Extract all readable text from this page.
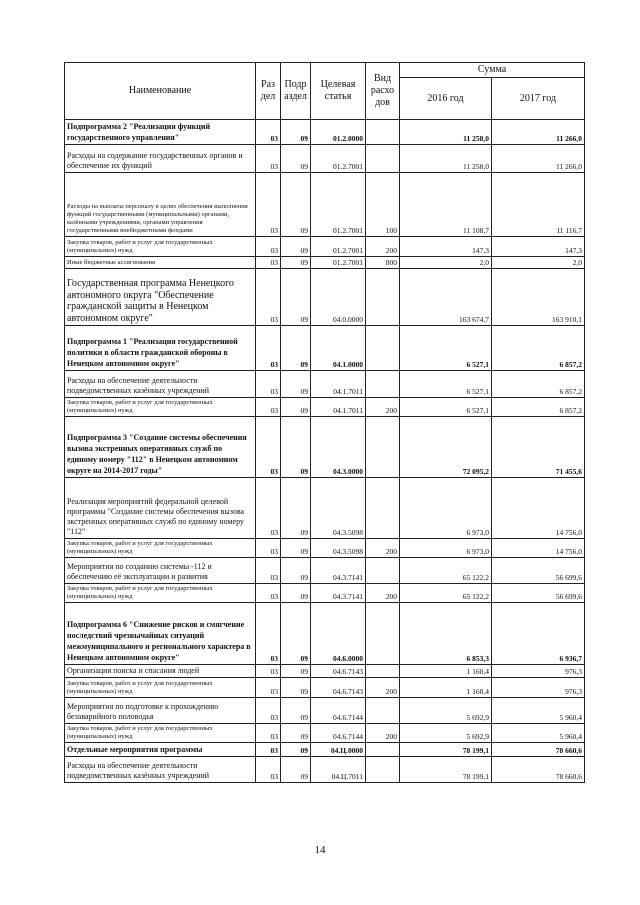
Наименование	Раз дел	Подр аздел	Целевая статья	Вид расхо дов	Сумма	
					2016 год	2017 год
Подпрограмма 2 "Реализация функций государственного управления"	03	09	01.2.0000		11 258,0	11 266,0
Расходы на содержание государственных органов и обеспечение их функций	03	09	01.2.7001		11 258,0	11 266,0
Расходы на выплаты персоналу в целях обеспечения выполнения функций государственными (муниципальными) органами, казёнными учреждениями, органами управления государственными внебюджетными фондами	03	09	01.2.7001	100	11 108,7	11 116,7
Закупка товаров, работ и услуг для государственных (муниципальных) нужд	03	09	01.2.7001	200	147,3	147,3
Иные бюджетные ассигнования	03	09	01.2.7001	800	2,0	2,0
Государственная программа Ненецкого автономного округа "Обеспечение гражданской защиты в Ненецком автономном округе"	03	09	04.0.0000		163 674,7	163 910,1
Подпрограмма 1 "Реализация государственной политики в области гражданской обороны в Ненецком автономном округе"	03	09	04.1.0000		6 527,1	6 857,2
Расходы на обеспечение деятельности подведомственных казённых учреждений	03	09	04.1.7011		6 527,1	6 857,2
Закупка товаров, работ и услуг для государственных (муниципальных) нужд	03	09	04.1.7011	200	6 527,1	6 857,2
Подпрограмма 3 "Создание системы обеспечения вызова экстренных оперативных служб по единому номеру "112" в Ненецком автономном округе на 2014-2017 годы"	03	09	04.3.0000		72 095,2	71 455,6
Реализация мероприятий федеральной целевой программы "Создание системы обеспечения вызова экстренных оперативных служб по единому номеру "112"	03	09	04.3.5098		6 973,0	14 756,0
Закупка товаров, работ и услуг для государственных (муниципальных) нужд	03	09	04.3.5098	200	6 973,0	14 756,0
Мероприятия по созданию системы -112 и обеспечению её эксплуатации и развития	03	09	04.3.7141		65 122,2	56 699,6
Закупка товаров, работ и услуг для государственных (муниципальных) нужд	03	09	04.3.7141	200	65 122,2	56 699,6
Подпрограмма 6 "Снижение рисков и смягчение последствий чрезвычайных ситуаций межмуниципального и регионального характера в Ненецком автономном округе"	03	09	04.6.0000		6 853,3	6 936,7
Организация поиска и спасания людей	03	09	04.6.7143		1 160,4	976,3
Закупка товаров, работ и услуг для государственных (муниципальных) нужд	03	09	04.6.7143	200	1 160,4	976,3
Мероприятия по подготовке к прохождению безаварийного половодья	03	09	04.6.7144		5 692,9	5 960,4
Закупка товаров, работ и услуг для государственных (муниципальных) нужд	03	09	04.6.7144	200	5 692,9	5 960,4
Отдельные мероприятия программы	03	09	04.Ц.0000		78 199,1	78 660,6
Расходы на обеспечение деятельности подведомственных казённых учреждений	03	09	04.Ц.7011		78 199,1	78 660,6
14
